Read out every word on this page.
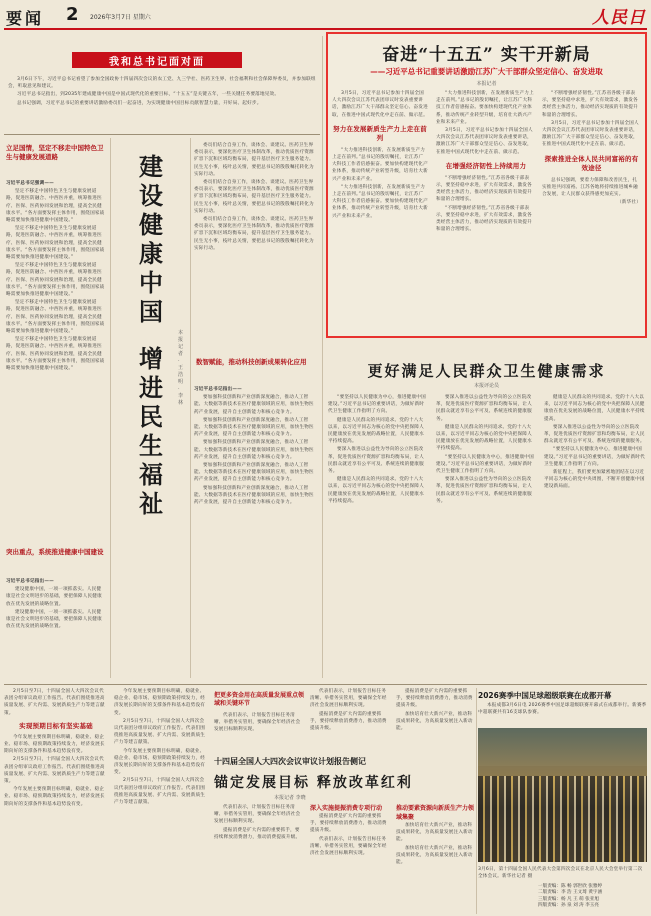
要闻 2 2026年3月7日 星期六	人民日
我和总书记面对面

3月6日下午，习近平总书记看望了参加全国政协十四届四次会议的农工党、九三学社、医药卫生界、社会福利和社会保障界委员，并参加联组会，听取意见和建议。

习近平总书记指出，到2035年建成健康中国是中国式现代化的重要目标，“十五五”是关键五年，一些关键任务要落地见效。

总书记强调，习近平总书记的重要讲话激励委员们一起奋进，为实现健康中国目标贡献智慧力量，开好局、起好步。

立足国情，坚定不移走中国特色卫生与健康发展道路

习近平总书记强调——

坚定不移走中国特色卫生与健康发展道路，促进医防融合、中西医并重，统筹推进医疗、医保、医药协同发展和治理，提高全民健康水平。“各方面要发挥主体作用，围绕国家战略需要加快推进健康中国建设。”

坚定不移走中国特色卫生与健康发展道路，促进医防融合、中西医并重，统筹推进医疗、医保、医药协同发展和治理，提高全民健康水平。“各方面要发挥主体作用，围绕国家战略需要加快推进健康中国建设。”

坚定不移走中国特色卫生与健康发展道路，促进医防融合、中西医并重，统筹推进医疗、医保、医药协同发展和治理，提高全民健康水平。“各方面要发挥主体作用，围绕国家战略需要加快推进健康中国建设。”

坚定不移走中国特色卫生与健康发展道路，促进医防融合、中西医并重，统筹推进医疗、医保、医药协同发展和治理，提高全民健康水平。“各方面要发挥主体作用，围绕国家战略需要加快推进健康中国建设。”

坚定不移走中国特色卫生与健康发展道路，促进医防融合、中西医并重，统筹推进医疗、医保、医药协同发展和治理，提高全民健康水平。“各方面要发挥主体作用，围绕国家战略需要加快推进健康中国建设。”

突出重点，系统推进健康中国建设

习近平总书记指出——

建设健康中国，一项一项抓落实。人民健康是社会文明进步的基础，要把保障人民健康放在优先发展的战略位置。

建设健康中国，一项一项抓落实。人民健康是社会文明进步的基础，要把保障人民健康放在优先发展的战略位置。

建设健康中国
增进民生福祉
本报记者 · 王浩明 · 李林

委员们结合自身工作，谈体会、谈建议。医药卫生界委员表示，要深化医疗卫生体制改革，推动优质医疗资源扩容下沉和区域均衡布局，提升基层医疗卫生服务能力。民生无小事，枝叶总关情，要把总书记的殷殷嘱托转化为实际行动。

委员们结合自身工作，谈体会、谈建议。医药卫生界委员表示，要深化医疗卫生体制改革，推动优质医疗资源扩容下沉和区域均衡布局，提升基层医疗卫生服务能力。民生无小事，枝叶总关情，要把总书记的殷殷嘱托转化为实际行动。

委员们结合自身工作，谈体会、谈建议。医药卫生界委员表示，要深化医疗卫生体制改革，推动优质医疗资源扩容下沉和区域均衡布局，提升基层医疗卫生服务能力。民生无小事，枝叶总关情，要把总书记的殷殷嘱托转化为实际行动。

数智赋能，推动科技创新成果转化应用

习近平总书记指出——

要加强科技创新和产业创新深度融合，推动人工智能、大数据等新技术在医疗健康领域的应用，加快生物医药产业发展，提升自主创新能力和核心竞争力。

要加强科技创新和产业创新深度融合，推动人工智能、大数据等新技术在医疗健康领域的应用，加快生物医药产业发展，提升自主创新能力和核心竞争力。

要加强科技创新和产业创新深度融合，推动人工智能、大数据等新技术在医疗健康领域的应用，加快生物医药产业发展，提升自主创新能力和核心竞争力。

要加强科技创新和产业创新深度融合，推动人工智能、大数据等新技术在医疗健康领域的应用，加快生物医药产业发展，提升自主创新能力和核心竞争力。

要加强科技创新和产业创新深度融合，推动人工智能、大数据等新技术在医疗健康领域的应用，加快生物医药产业发展，提升自主创新能力和核心竞争力。

奋进“十五五” 实干开新局
——习近平总书记重要讲话激励江苏广大干部群众坚定信心、奋发进取
本报记者

3月5日，习近平总书记参加十四届全国人大四次会议江苏代表团审议时发表重要讲话，激励江苏广大干部群众坚定信心、奋发进取，在推进中国式现代化中走在前、做示范。

努力在发展新质生产力上走在前列

“大力推进科技创新，在发展新质生产力上走在前列。”总书记的殷切嘱托，让江苏广大科技工作者倍感振奋。要加快构建现代化产业体系，推动传统产业转型升级，培育壮大新兴产业和未来产业。

“大力推进科技创新，在发展新质生产力上走在前列。”总书记的殷切嘱托，让江苏广大科技工作者倍感振奋。要加快构建现代化产业体系，推动传统产业转型升级，培育壮大新兴产业和未来产业。

“大力推进科技创新，在发展新质生产力上走在前列。”总书记的殷切嘱托，让江苏广大科技工作者倍感振奋。要加快构建现代化产业体系，推动传统产业转型升级，培育壮大新兴产业和未来产业。

3月5日，习近平总书记参加十四届全国人大四次会议江苏代表团审议时发表重要讲话，激励江苏广大干部群众坚定信心、奋发进取，在推进中国式现代化中走在前、做示范。

在增强经济韧性上持续用力

“不断增强经济韧性。”江苏省各级干部表示，要坚持稳中求进，扩大有效需求，激发各类经营主体活力，推动经济实现质的有效提升和量的合理增长。

“不断增强经济韧性。”江苏省各级干部表示，要坚持稳中求进，扩大有效需求，激发各类经营主体活力，推动经济实现质的有效提升和量的合理增长。

“不断增强经济韧性。”江苏省各级干部表示，要坚持稳中求进，扩大有效需求，激发各类经营主体活力，推动经济实现质的有效提升和量的合理增长。

3月5日，习近平总书记参加十四届全国人大四次会议江苏代表团审议时发表重要讲话，激励江苏广大干部群众坚定信心、奋发进取，在推进中国式现代化中走在前、做示范。

探索推进全体人民共同富裕的有效途径

总书记强调，要着力保障和改善民生，扎实推进共同富裕。江苏各地将持续推进城乡融合发展，让人民群众获得感更加充实。

（新华社）

更好满足人民群众卫生健康需求
本报评论员

“要坚持以人民健康为中心，推进健康中国建设。”习近平总书记的重要讲话，为做好新时代卫生健康工作指明了方向。

健康是人民群众的共同追求。党的十八大以来，以习近平同志为核心的党中央把保障人民健康放在优先发展的战略位置，人民健康水平持续提高。

要深入推进以公益性为导向的公立医院改革，促进优质医疗资源扩容和均衡布局，让人民群众就近享有公平可及、系统连续的健康服务。

健康是人民群众的共同追求。党的十八大以来，以习近平同志为核心的党中央把保障人民健康放在优先发展的战略位置，人民健康水平持续提高。

要深入推进以公益性为导向的公立医院改革，促进优质医疗资源扩容和均衡布局，让人民群众就近享有公平可及、系统连续的健康服务。

健康是人民群众的共同追求。党的十八大以来，以习近平同志为核心的党中央把保障人民健康放在优先发展的战略位置，人民健康水平持续提高。

“要坚持以人民健康为中心，推进健康中国建设。”习近平总书记的重要讲话，为做好新时代卫生健康工作指明了方向。

要深入推进以公益性为导向的公立医院改革，促进优质医疗资源扩容和均衡布局，让人民群众就近享有公平可及、系统连续的健康服务。

健康是人民群众的共同追求。党的十八大以来，以习近平同志为核心的党中央把保障人民健康放在优先发展的战略位置，人民健康水平持续提高。

要深入推进以公益性为导向的公立医院改革，促进优质医疗资源扩容和均衡布局，让人民群众就近享有公平可及、系统连续的健康服务。

“要坚持以人民健康为中心，推进健康中国建设。”习近平总书记的重要讲话，为做好新时代卫生健康工作指明了方向。

新征程上，我们要更加紧密地团结在以习近平同志为核心的党中央周围，不断开创健康中国建设新局面。

2月5日至7日，十四届全国人大四次会议代表团分组审议政府工作报告。代表们围绕推进高质量发展、扩大内需、发展新质生产力等建言献策。

实现预期目标有坚实基础

今年发展主要预期目标明确，稳就业、稳企业、稳市场、稳预期政策持续发力，经济发展长期向好的支撑条件和基本趋势没有变。

2月5日至7日，十四届全国人大四次会议代表团分组审议政府工作报告。代表们围绕推进高质量发展、扩大内需、发展新质生产力等建言献策。

今年发展主要预期目标明确，稳就业、稳企业、稳市场、稳预期政策持续发力，经济发展长期向好的支撑条件和基本趋势没有变。

今年发展主要预期目标明确，稳就业、稳企业、稳市场、稳预期政策持续发力，经济发展长期向好的支撑条件和基本趋势没有变。

2月5日至7日，十四届全国人大四次会议代表团分组审议政府工作报告。代表们围绕推进高质量发展、扩大内需、发展新质生产力等建言献策。

今年发展主要预期目标明确，稳就业、稳企业、稳市场、稳预期政策持续发力，经济发展长期向好的支撑条件和基本趋势没有变。

2月5日至7日，十四届全国人大四次会议代表团分组审议政府工作报告。代表们围绕推进高质量发展、扩大内需、发展新质生产力等建言献策。

把更多资金用在高质量发展重点领域和关键环节

代表们表示，计划报告目标任务清晰、举措务实管用，要确保全年经济社会发展目标顺利实现。

代表们表示，计划报告目标任务清晰、举措务实管用，要确保全年经济社会发展目标顺利实现。

提振消费是扩大内需的重要抓手，要持续释放消费潜力，推动消费提质升级。

十四届全国人大四次会议审议计划报告侧记
锚定发展目标 释放改革红利
本报记者 李晓

代表们表示，计划报告目标任务清晰、举措务实管用，要确保全年经济社会发展目标顺利实现。

提振消费是扩大内需的重要抓手，要持续释放消费潜力，推动消费提质升级。

深入实施提振消费专项行动

提振消费是扩大内需的重要抓手，要持续释放消费潜力，推动消费提质升级。

代表们表示，计划报告目标任务清晰、举措务实管用，要确保全年经济社会发展目标顺利实现。

提振消费是扩大内需的重要抓手，要持续释放消费潜力，推动消费提质升级。

加快培育壮大新兴产业，推动科技成果转化，为高质量发展注入新动能。

推动要素资源向新质生产力领域集聚

加快培育壮大新兴产业，推动科技成果转化，为高质量发展注入新动能。

加快培育壮大新兴产业，推动科技成果转化，为高质量发展注入新动能。

2026赛季中国足球超级联赛在成都开幕

本报成都3月6日电 2026赛季中国足球超级联赛开幕式在成都举行。新赛季中超联赛共有16支球队参赛。

3月6日，第十四届全国人民代表大会第四次会议在北京人民大会堂举行第二次全体会议。新华社记者 摄

一版责编：陈 畅 郭世欣 张雅婷
二版责编：李 浩 王文琦 黄宇涵
三版责编：杨 凡 王 萌 张亚旭
四版责编：孙 泉 刘 涛 李玉亮
